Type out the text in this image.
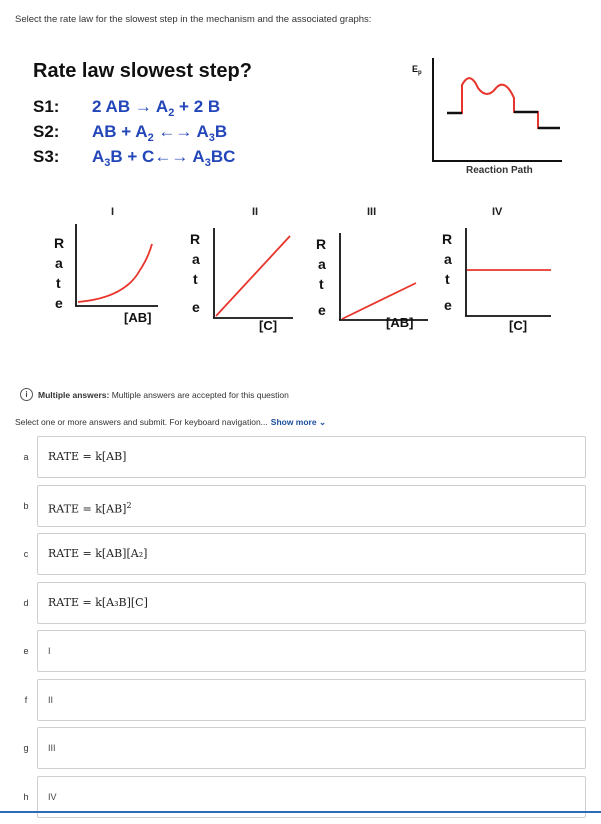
Select the rate law for the slowest step in the mechanism and the associated graphs:
Rate law slowest step?
S1: 2 AB → $A_2 + 2$ B
S2: AB + $A_2$ ←→ $A_3B$
S3: $A_3B$ + C←→ $A_3BC$
$E_p$
Reaction Path
I	II	III	IV
R
a
t
e
[AB]
R
a
t
e
[C]
R
a
t
e
[AB]
R
a
t
e
[C]
i	Multiple answers: Multiple answers are accepted for this question
Select one or more answers and submit. For keyboard navigation... Show more ⌄
a	RATE = k[AB]
b	RATE = k[AB]$^2$
c	RATE = k[AB][A₂]
d	RATE = k[A₃B][C]
e	I
f	II
g	III
h	IV
